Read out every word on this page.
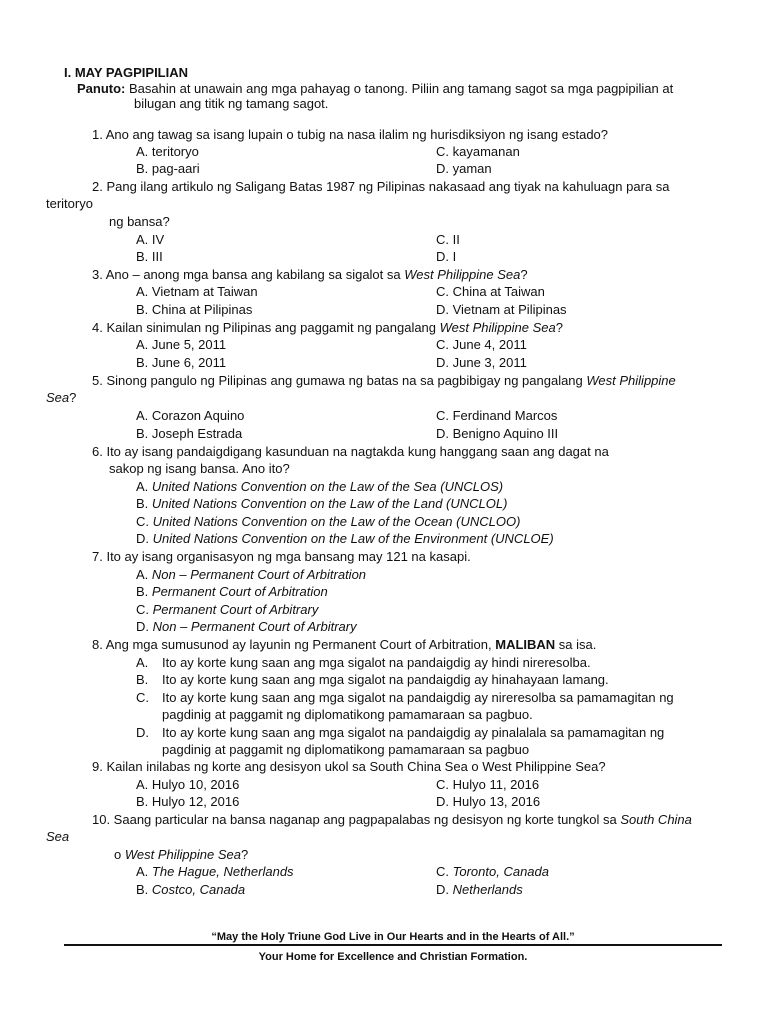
I. MAY PAGPIPILIAN
Panuto: Basahin at unawain ang mga pahayag o tanong. Piliin ang tamang sagot sa mga pagpipilian at
bilugan ang titik ng tamang sagot.
1. Ano ang tawag sa isang lupain o tubig na nasa ilalim ng hurisdiksiyon ng isang estado?
A. teritoryo	C. kayamanan
B. pag-aari	D. yaman
2. Pang ilang artikulo ng Saligang Batas 1987 ng Pilipinas nakasaad ang tiyak na kahuluagn para sa
teritoryo
ng bansa?
A. IV	C. II
B. III	D. I
3. Ano – anong mga bansa ang kabilang sa sigalot sa West Philippine Sea?
A. Vietnam at Taiwan	C. China at Taiwan
B. China at Pilipinas	D. Vietnam at Pilipinas
4. Kailan sinimulan ng Pilipinas ang paggamit ng pangalang West Philippine Sea?
A. June 5, 2011	C. June 4, 2011
B. June 6, 2011	D. June 3, 2011
5. Sinong pangulo ng Pilipinas ang gumawa ng batas na sa pagbibigay ng pangalang West Philippine
Sea?
A. Corazon Aquino	C. Ferdinand Marcos
B. Joseph Estrada	D. Benigno Aquino III
6. Ito ay isang pandaigdigang kasunduan na nagtakda kung hanggang saan ang dagat na
sakop ng isang bansa. Ano ito?
A. United Nations Convention on the Law of the Sea (UNCLOS)
B. United Nations Convention on the Law of the Land (UNCLOL)
C. United Nations Convention on the Law of the Ocean (UNCLOO)
D. United Nations Convention on the Law of the Environment (UNCLOE)
7. Ito ay isang organisasyon ng mga bansang may 121 na kasapi.
A. Non – Permanent Court of Arbitration
B. Permanent Court of Arbitration
C. Permanent Court of Arbitrary
D. Non – Permanent Court of Arbitrary
8. Ang mga sumusunod ay layunin ng Permanent Court of Arbitration, MALIBAN sa isa.
A. Ito ay korte kung saan ang mga sigalot na pandaigdig ay hindi nireresolba.
B. Ito ay korte kung saan ang mga sigalot na pandaigdig ay hinahayaan lamang.
C. Ito ay korte kung saan ang mga sigalot na pandaigdig ay nireresolba sa pamamagitan ng
pagdinig at paggamit ng diplomatikong pamamaraan sa pagbuo.
D. Ito ay korte kung saan ang mga sigalot na pandaigdig ay pinalalala sa pamamagitan ng
pagdinig at paggamit ng diplomatikong pamamaraan sa pagbuo
9. Kailan inilabas ng korte ang desisyon ukol sa South China Sea o West Philippine Sea?
A. Hulyo 10, 2016	C. Hulyo 11, 2016
B. Hulyo 12, 2016	D. Hulyo 13, 2016
10. Saang particular na bansa naganap ang pagpapalabas ng desisyon ng korte tungkol sa South China
Sea
o West Philippine Sea?
A. The Hague, Netherlands	C. Toronto, Canada
B. Costco, Canada	D. Netherlands
“May the Holy Triune God Live in Our Hearts and in the Hearts of All.”
Your Home for Excellence and Christian Formation.
